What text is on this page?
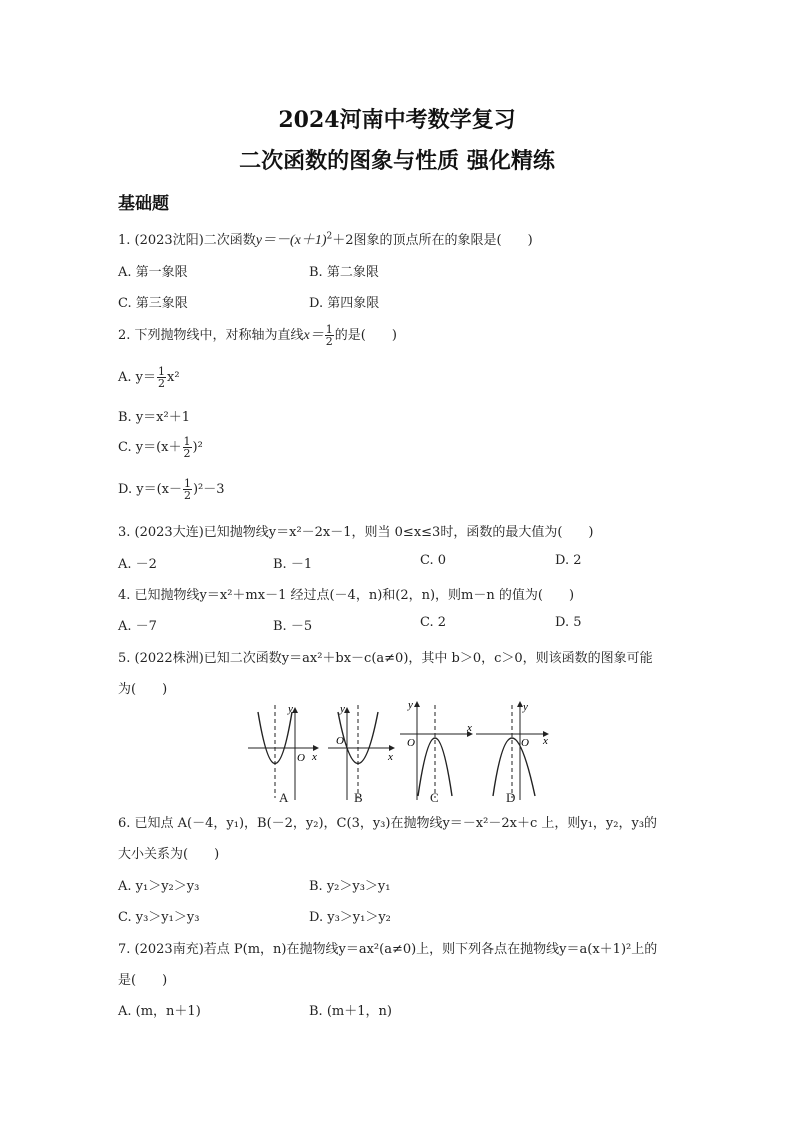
2024河南中考数学复习
二次函数的图象与性质 强化精练
基础题
1. (2023沈阳)二次函数$y=-(x+1)^2+2$图象的顶点所在的象限是(　　)
A. 第一象限	B. 第二象限
C. 第三象限	D. 第四象限
2. 下列抛物线中，对称轴为直线$x= \frac{1}{2}$ 的是(　　)
A. $y= \frac{1}{2} x^2$
B. y＝x²＋1
C. $y=(x+ \frac{1}{2} )^2$
D. $y=(x- \frac{1}{2} )^2-3$
3. (2023大连)已知抛物线y＝x²－2x－1，则当 0≤x≤3时，函数的最大值为(　　)
A. －2	B. －1	C. 0	D. 2
4. 已知抛物线y＝x²＋mx－1 经过点(－4，n)和(2，n)，则m－n 的值为(　　)
A. －7	B. －5	C. 2	D. 5
5. (2022株洲)已知二次函数y＝ax²＋bx－c(a≠0)，其中 b＞0，c＞0，则该函数的图象可能
为(　　)
y
x
O
y
x
O
y
x
O
y
x
O
A	B	C	D
6. 已知点 A(－4，y₁)，B(－2，y₂)，C(3，y₃)在抛物线y＝－x²－2x＋c 上，则y₁，y₂，y₃的
大小关系为(　　)
A. y₁＞y₂＞y₃	B. y₂＞y₃＞y₁
C. y₃＞y₁＞y₃	D. y₃＞y₁＞y₂
7. (2023南充)若点 P(m，n)在抛物线y＝ax²(a≠0)上，则下列各点在抛物线y＝a(x＋1)²上的
是(　　)
A. (m，n＋1)	B. (m＋1，n)
